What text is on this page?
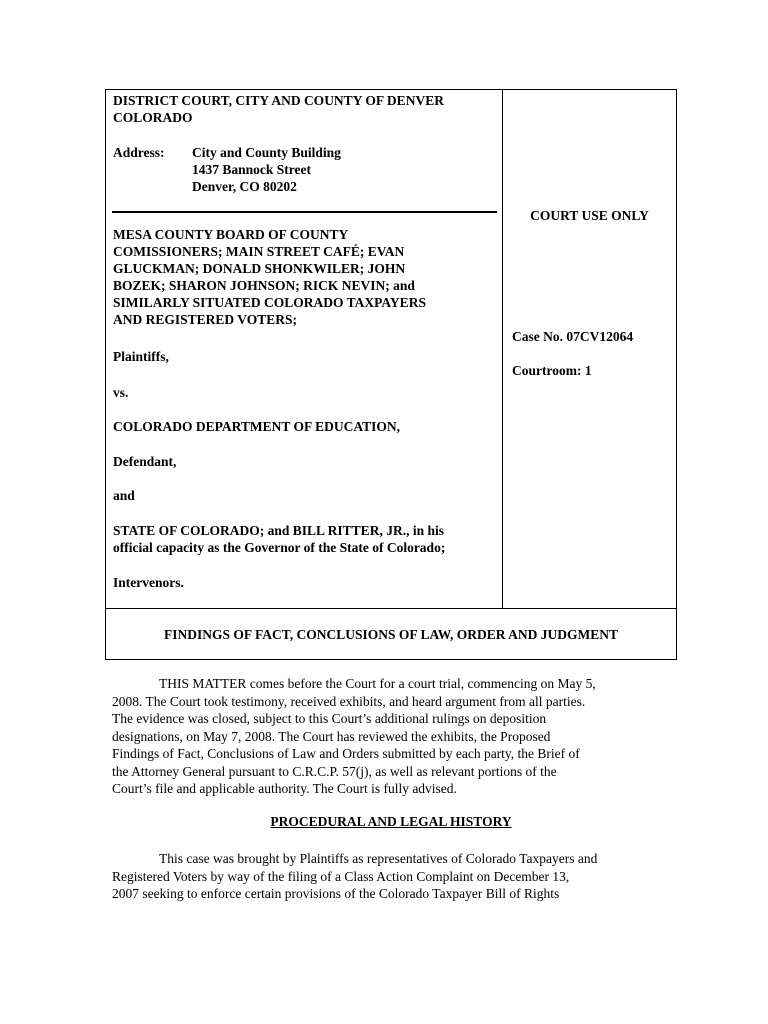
DISTRICT COURT, CITY AND COUNTY OF DENVER
COLORADO
Address: City and County Building
1437 Bannock Street
Denver, CO 80202
MESA COUNTY BOARD OF COUNTY
COMISSIONERS; MAIN STREET CAFÉ; EVAN
GLUCKMAN; DONALD SHONKWILER; JOHN
BOZEK; SHARON JOHNSON; RICK NEVIN; and
SIMILARLY SITUATED COLORADO TAXPAYERS
AND REGISTERED VOTERS;
Plaintiffs,
vs.
COLORADO DEPARTMENT OF EDUCATION,
Defendant,
and
STATE OF COLORADO; and BILL RITTER, JR., in his
official capacity as the Governor of the State of Colorado;
Intervenors.
COURT USE ONLY
Case No. 07CV12064
Courtroom: 1
FINDINGS OF FACT, CONCLUSIONS OF LAW, ORDER AND JUDGMENT
THIS MATTER comes before the Court for a court trial, commencing on May 5,
2008. The Court took testimony, received exhibits, and heard argument from all parties.
The evidence was closed, subject to this Court’s additional rulings on deposition
designations, on May 7, 2008. The Court has reviewed the exhibits, the Proposed
Findings of Fact, Conclusions of Law and Orders submitted by each party, the Brief of
the Attorney General pursuant to C.R.C.P. 57(j), as well as relevant portions of the
Court’s file and applicable authority. The Court is fully advised.
PROCEDURAL AND LEGAL HISTORY
This case was brought by Plaintiffs as representatives of Colorado Taxpayers and
Registered Voters by way of the filing of a Class Action Complaint on December 13,
2007 seeking to enforce certain provisions of the Colorado Taxpayer Bill of Rights
